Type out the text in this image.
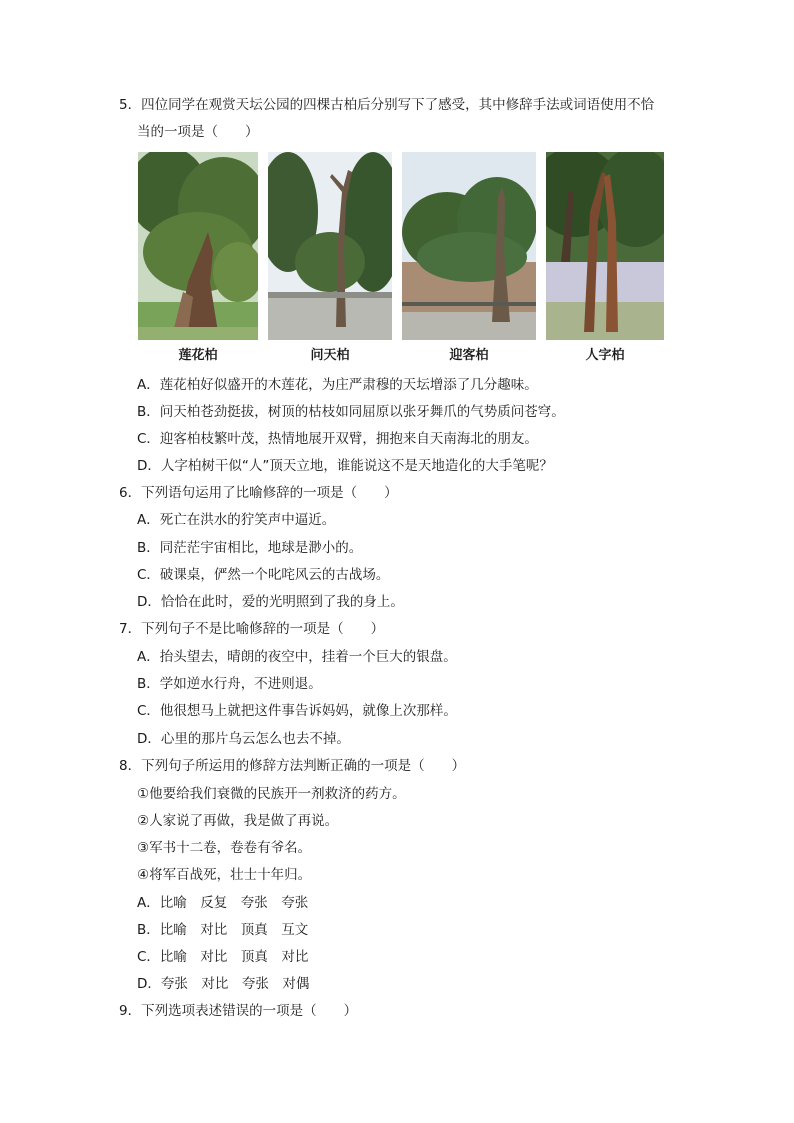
5．四位同学在观赏天坛公园的四棵古柏后分别写下了感受，其中修辞手法或词语使用不恰
当的一项是（　　）
莲花柏	问天柏	迎客柏	人字柏
A．莲花柏好似盛开的木莲花，为庄严肃穆的天坛增添了几分趣味。
B．问天柏苍劲挺拔，树顶的枯枝如同屈原以张牙舞爪的气势质问苍穹。
C．迎客柏枝繁叶茂，热情地展开双臂，拥抱来自天南海北的朋友。
D．人字柏树干似“人”顶天立地，谁能说这不是天地造化的大手笔呢？
6．下列语句运用了比喻修辞的一项是（　　）
A．死亡在洪水的狞笑声中逼近。
B．同茫茫宇宙相比，地球是渺小的。
C．破课桌，俨然一个叱咤风云的古战场。
D．恰恰在此时，爱的光明照到了我的身上。
7．下列句子不是比喻修辞的一项是（　　）
A．抬头望去，晴朗的夜空中，挂着一个巨大的银盘。
B．学如逆水行舟，不进则退。
C．他很想马上就把这件事告诉妈妈，就像上次那样。
D．心里的那片乌云怎么也去不掉。
8．下列句子所运用的修辞方法判断正确的一项是（　　）
①他要给我们衰微的民族开一剂救济的药方。
②人家说了再做，我是做了再说。
③军书十二卷，卷卷有爷名。
④将军百战死，壮士十年归。
A．比喻　反复　夸张　夸张
B．比喻　对比　顶真　互文
C．比喻　对比　顶真　对比
D．夸张　对比　夸张　对偶
9．下列选项表述错误的一项是（　　）
